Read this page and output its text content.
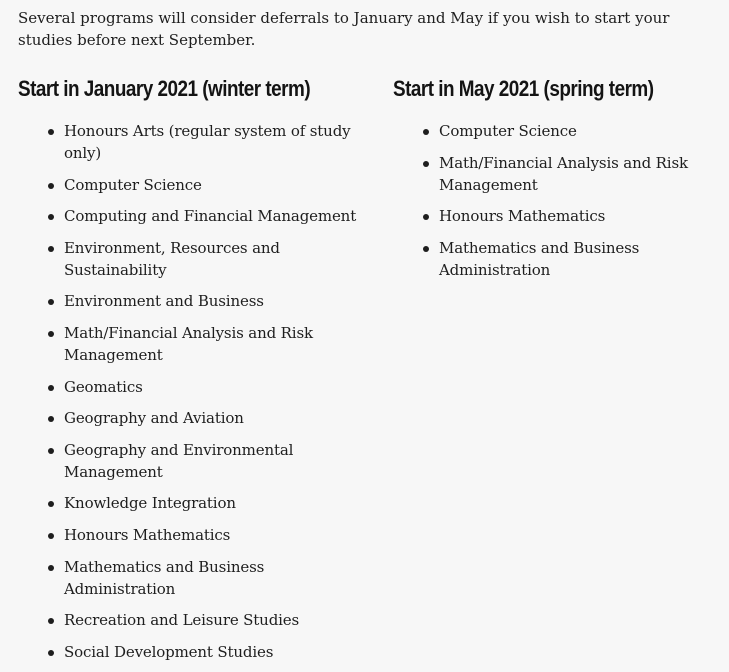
Several programs will consider deferrals to January and May if you wish to start your studies before next September.

Start in January 2021 (winter term)
Honours Arts (regular system of study only)
Computer Science
Computing and Financial Management
Environment, Resources and Sustainability
Environment and Business
Math/Financial Analysis and Risk Management
Geomatics
Geography and Aviation
Geography and Environmental Management
Knowledge Integration
Honours Mathematics
Mathematics and Business Administration
Recreation and Leisure Studies
Social Development Studies
Start in May 2021 (spring term)
Computer Science
Math/Financial Analysis and Risk Management
Honours Mathematics
Mathematics and Business Administration
